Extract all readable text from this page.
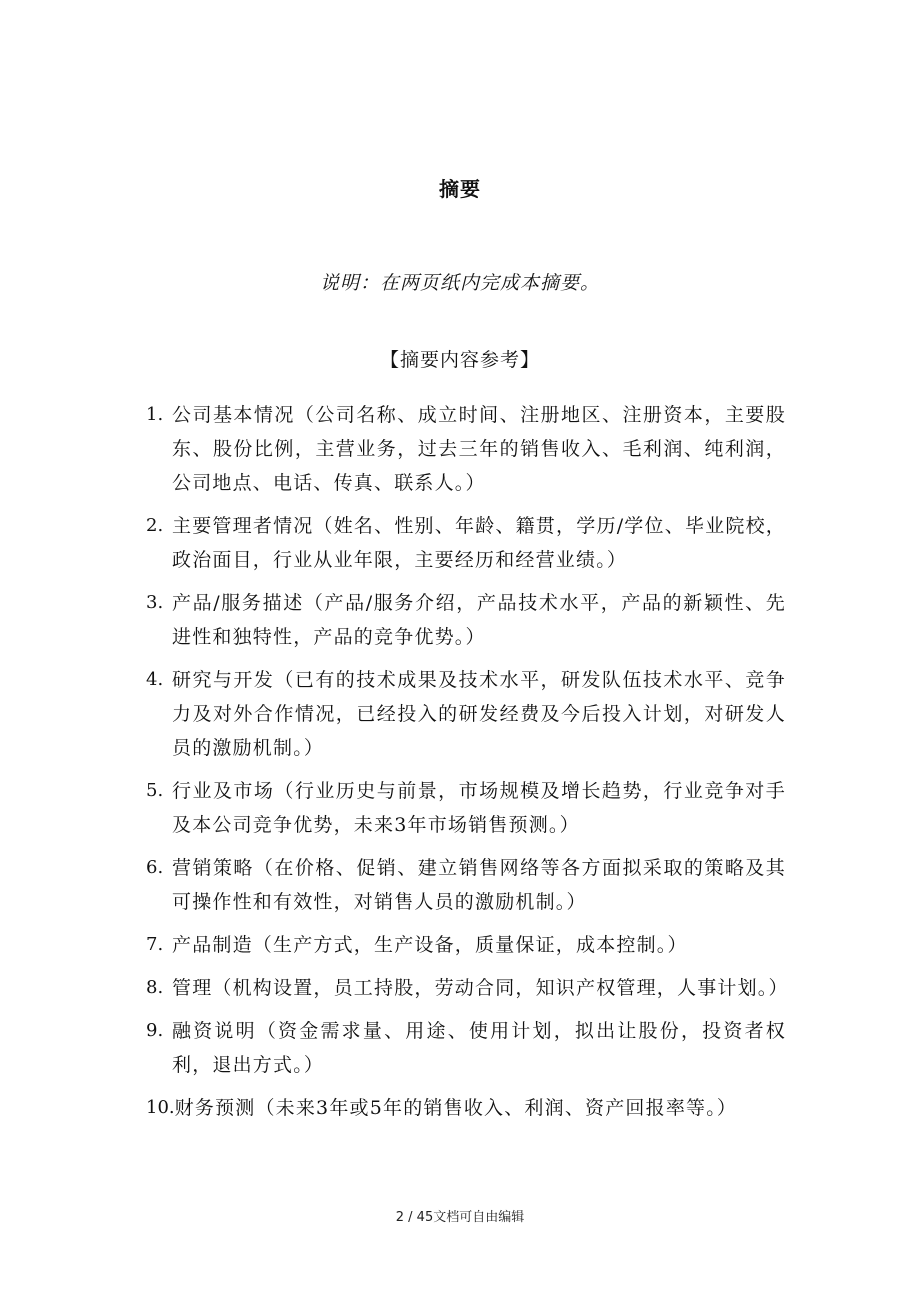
摘要
说明：在两页纸内完成本摘要。
【摘要内容参考】
1. 公司基本情况（公司名称、成立时间、注册地区、注册资本，主要股东、股份比例，主营业务，过去三年的销售收入、毛利润、纯利润，公司地点、电话、传真、联系人。）
2. 主要管理者情况（姓名、性别、年龄、籍贯，学历/学位、毕业院校，政治面目，行业从业年限，主要经历和经营业绩。）
3. 产品/服务描述（产品/服务介绍，产品技术水平，产品的新颖性、先进性和独特性，产品的竞争优势。）
4. 研究与开发（已有的技术成果及技术水平，研发队伍技术水平、竞争力及对外合作情况，已经投入的研发经费及今后投入计划，对研发人员的激励机制。）
5. 行业及市场（行业历史与前景，市场规模及增长趋势，行业竞争对手及本公司竞争优势，未来3年市场销售预测。）
6. 营销策略（在价格、促销、建立销售网络等各方面拟采取的策略及其可操作性和有效性，对销售人员的激励机制。）
7. 产品制造（生产方式，生产设备，质量保证，成本控制。）
8. 管理（机构设置，员工持股，劳动合同，知识产权管理，人事计划。）
9. 融资说明（资金需求量、用途、使用计划，拟出让股份，投资者权利，退出方式。）
10. 财务预测（未来3年或5年的销售收入、利润、资产回报率等。）
2 / 45文档可自由编辑
